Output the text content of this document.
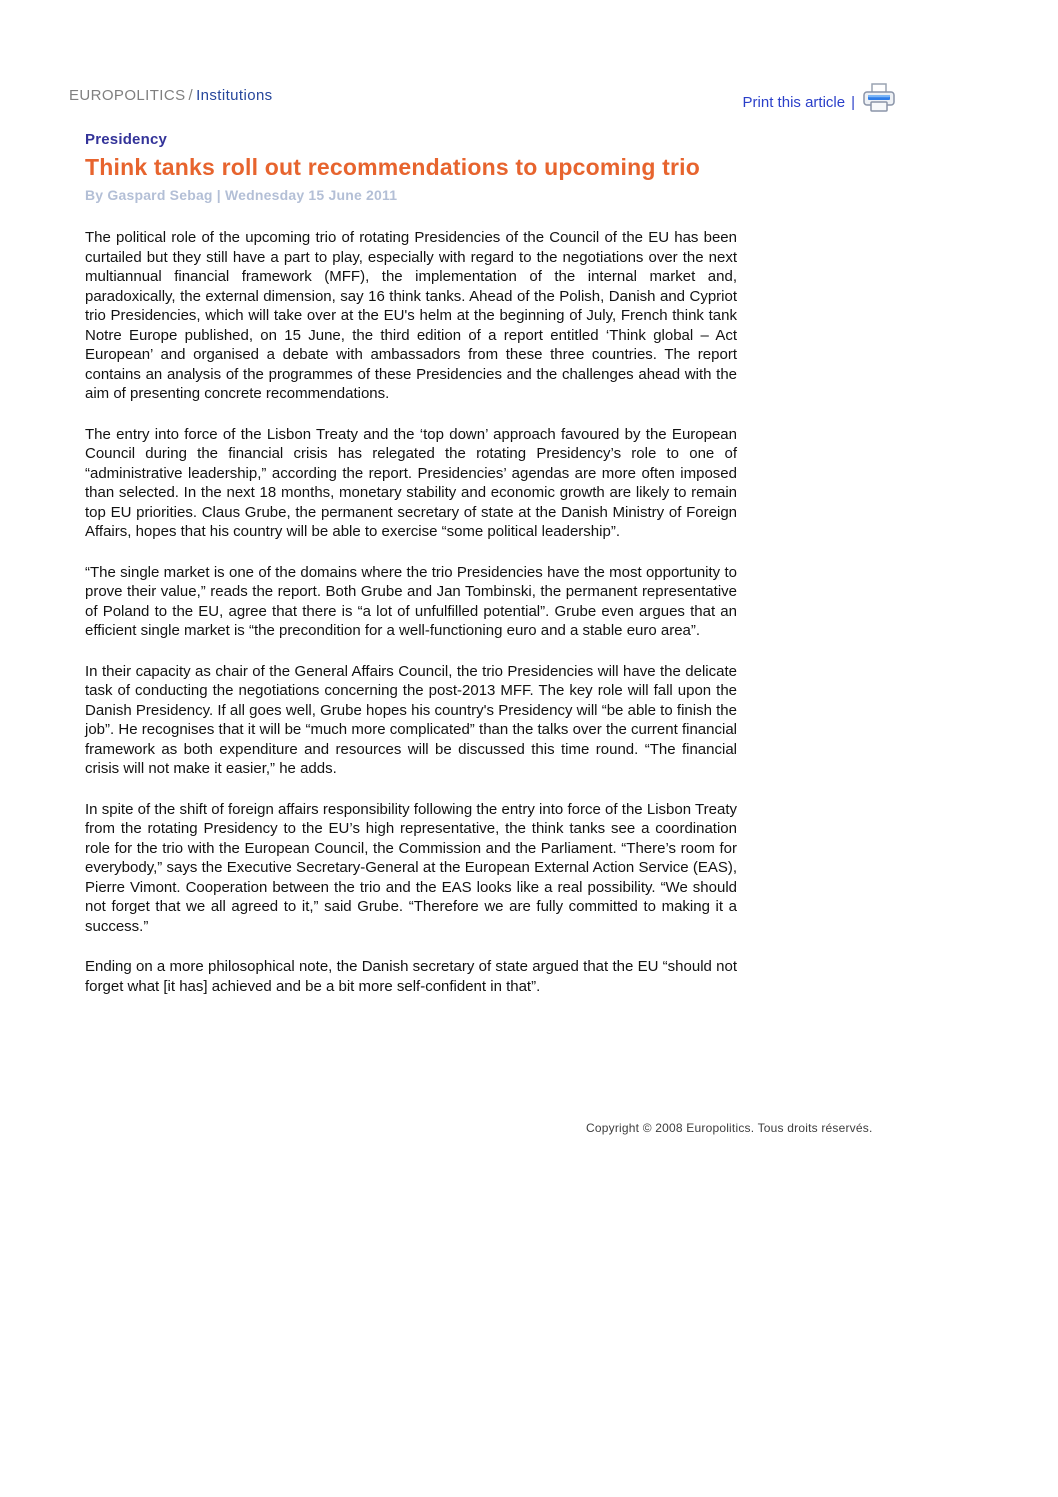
EUROPOLITICS / Institutions	Print this article |
Presidency
Think tanks roll out recommendations to upcoming trio
By Gaspard Sebag | Wednesday 15 June 2011

The political role of the upcoming trio of rotating Presidencies of the Council of the EU has been curtailed but they still have a part to play, especially with regard to the negotiations over the next multiannual financial framework (MFF), the implementation of the internal market and, paradoxically, the external dimension, say 16 think tanks. Ahead of the Polish, Danish and Cypriot trio Presidencies, which will take over at the EU's helm at the beginning of July, French think tank Notre Europe published, on 15 June, the third edition of a report entitled ‘Think global – Act European’ and organised a debate with ambassadors from these three countries. The report contains an analysis of the programmes of these Presidencies and the challenges ahead with the aim of presenting concrete recommendations.

The entry into force of the Lisbon Treaty and the ‘top down’ approach favoured by the European Council during the financial crisis has relegated the rotating Presidency’s role to one of “administrative leadership,” according the report. Presidencies’ agendas are more often imposed than selected. In the next 18 months, monetary stability and economic growth are likely to remain top EU priorities. Claus Grube, the permanent secretary of state at the Danish Ministry of Foreign Affairs, hopes that his country will be able to exercise “some political leadership”.

“The single market is one of the domains where the trio Presidencies have the most opportunity to prove their value,” reads the report. Both Grube and Jan Tombinski, the permanent representative of Poland to the EU, agree that there is “a lot of unfulfilled potential”. Grube even argues that an efficient single market is “the precondition for a well-functioning euro and a stable euro area”.

In their capacity as chair of the General Affairs Council, the trio Presidencies will have the delicate task of conducting the negotiations concerning the post-2013 MFF. The key role will fall upon the Danish Presidency. If all goes well, Grube hopes his country's Presidency will “be able to finish the job”. He recognises that it will be “much more complicated” than the talks over the current financial framework as both expenditure and resources will be discussed this time round. “The financial crisis will not make it easier,” he adds.

In spite of the shift of foreign affairs responsibility following the entry into force of the Lisbon Treaty from the rotating Presidency to the EU’s high representative, the think tanks see a coordination role for the trio with the European Council, the Commission and the Parliament. “There’s room for everybody,” says the Executive Secretary-General at the European External Action Service (EAS), Pierre Vimont. Cooperation between the trio and the EAS looks like a real possibility. “We should not forget that we all agreed to it,” said Grube. “Therefore we are fully committed to making it a success.”

Ending on a more philosophical note, the Danish secretary of state argued that the EU “should not forget what [it has] achieved and be a bit more self-confident in that”.

Copyright © 2008 Europolitics. Tous droits réservés.
